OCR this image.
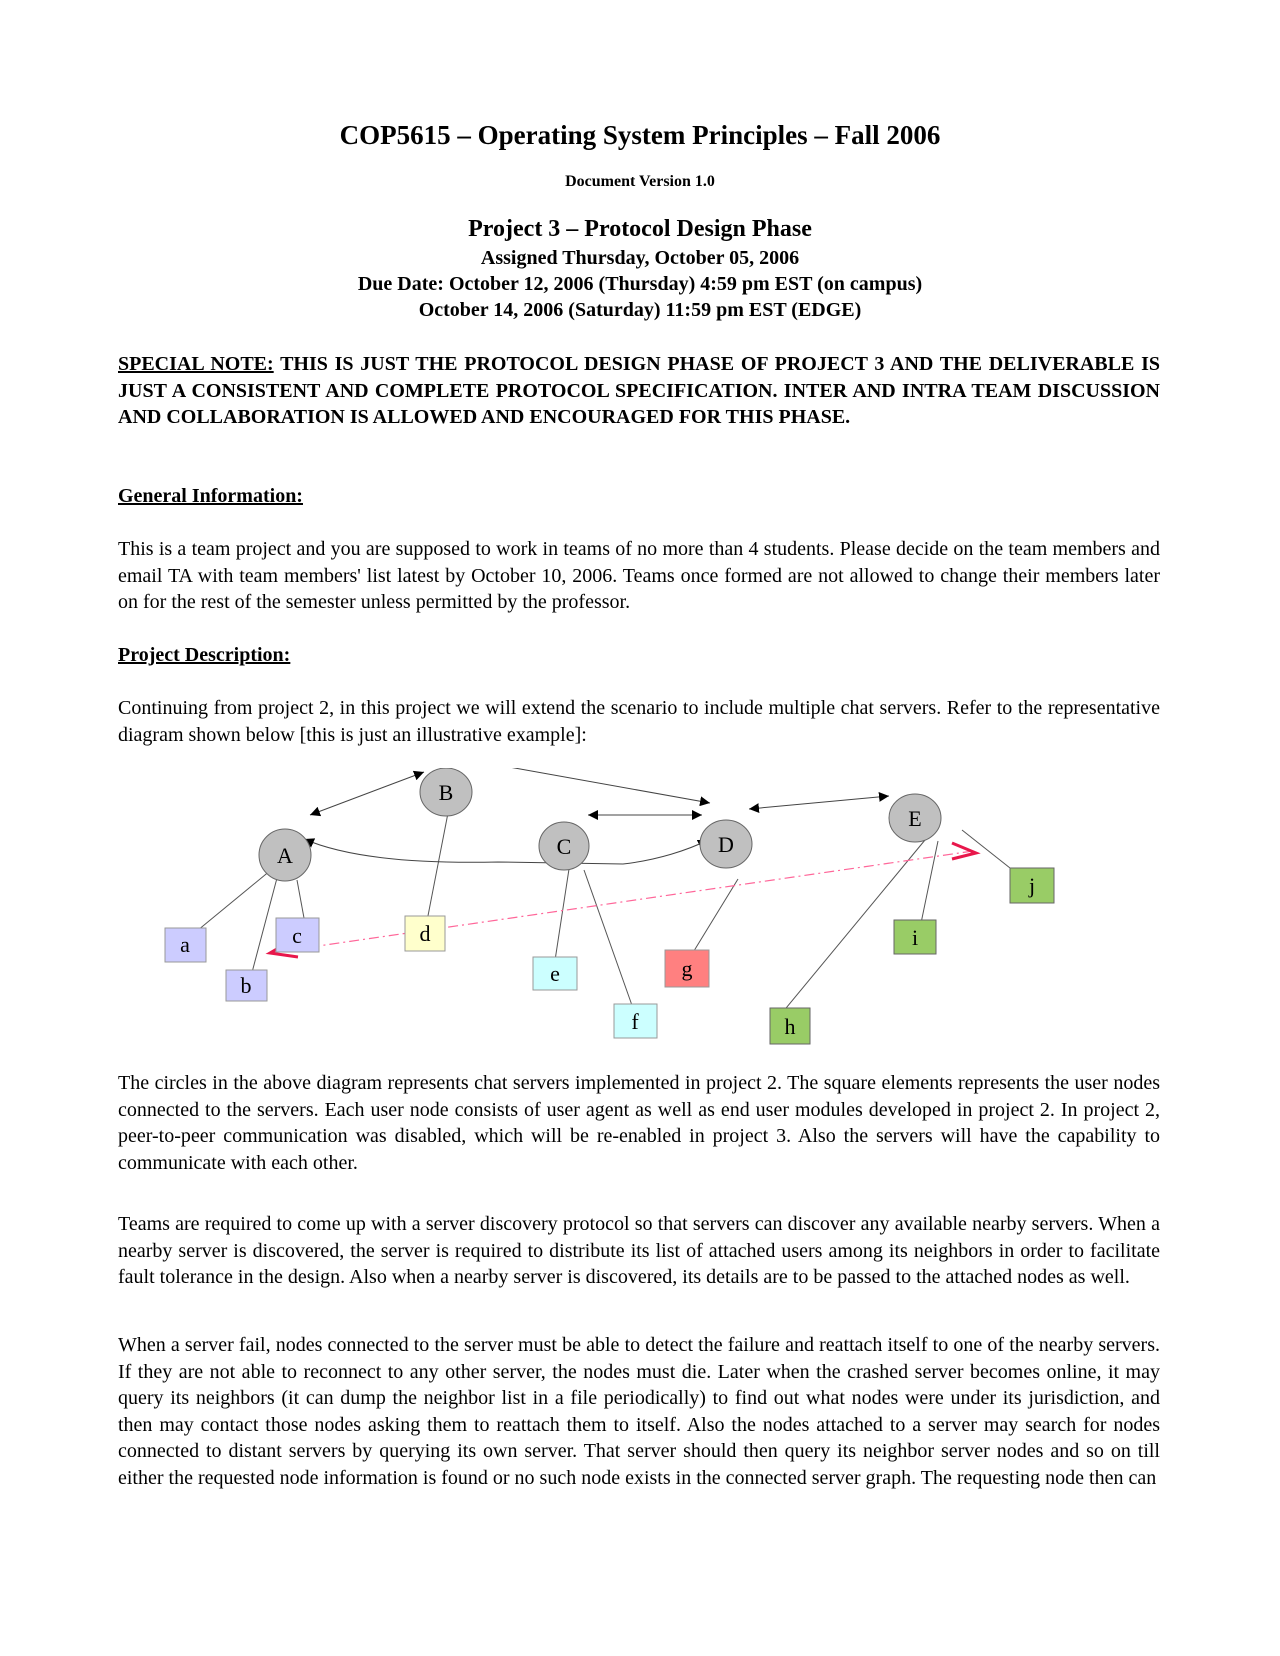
COP5615 – Operating System Principles – Fall 2006
Document Version 1.0
Project 3 – Protocol Design Phase
Assigned Thursday, October 05, 2006
Due Date: October 12, 2006 (Thursday) 4:59 pm EST (on campus)
October 14, 2006 (Saturday) 11:59 pm EST (EDGE)
SPECIAL NOTE: THIS IS JUST THE PROTOCOL DESIGN PHASE OF PROJECT 3 AND THE DELIVERABLE IS JUST A CONSISTENT AND COMPLETE PROTOCOL SPECIFICATION. INTER AND INTRA TEAM DISCUSSION AND COLLABORATION IS ALLOWED AND ENCOURAGED FOR THIS PHASE.
General Information:
This is a team project and you are supposed to work in teams of no more than 4 students. Please decide on the team members and email TA with team members' list latest by October 10, 2006. Teams once formed are not allowed to change their members later on for the rest of the semester unless permitted by the professor.
Project Description:
Continuing from project 2, in this project we will extend the scenario to include multiple chat servers. Refer to the representative diagram shown below [this is just an illustrative example]:
A
B
C	D
E
a
b
c	d
e
f
g
h
i
j
The circles in the above diagram represents chat servers implemented in project 2. The square elements represents the user nodes connected to the servers. Each user node consists of user agent as well as end user modules developed in project 2. In project 2, peer-to-peer communication was disabled, which will be re-enabled in project 3. Also the servers will have the capability to communicate with each other.
Teams are required to come up with a server discovery protocol so that servers can discover any available nearby servers. When a nearby server is discovered, the server is required to distribute its list of attached users among its neighbors in order to facilitate fault tolerance in the design. Also when a nearby server is discovered, its details are to be passed to the attached nodes as well.
When a server fail, nodes connected to the server must be able to detect the failure and reattach itself to one of the nearby servers. If they are not able to reconnect to any other server, the nodes must die. Later when the crashed server becomes online, it may query its neighbors (it can dump the neighbor list in a file periodically) to find out what nodes were under its jurisdiction, and then may contact those nodes asking them to reattach them to itself. Also the nodes attached to a server may search for nodes connected to distant servers by querying its own server. That server should then query its neighbor server nodes and so on till either the requested node information is found or no such node exists in the connected server graph. The requesting node then can
